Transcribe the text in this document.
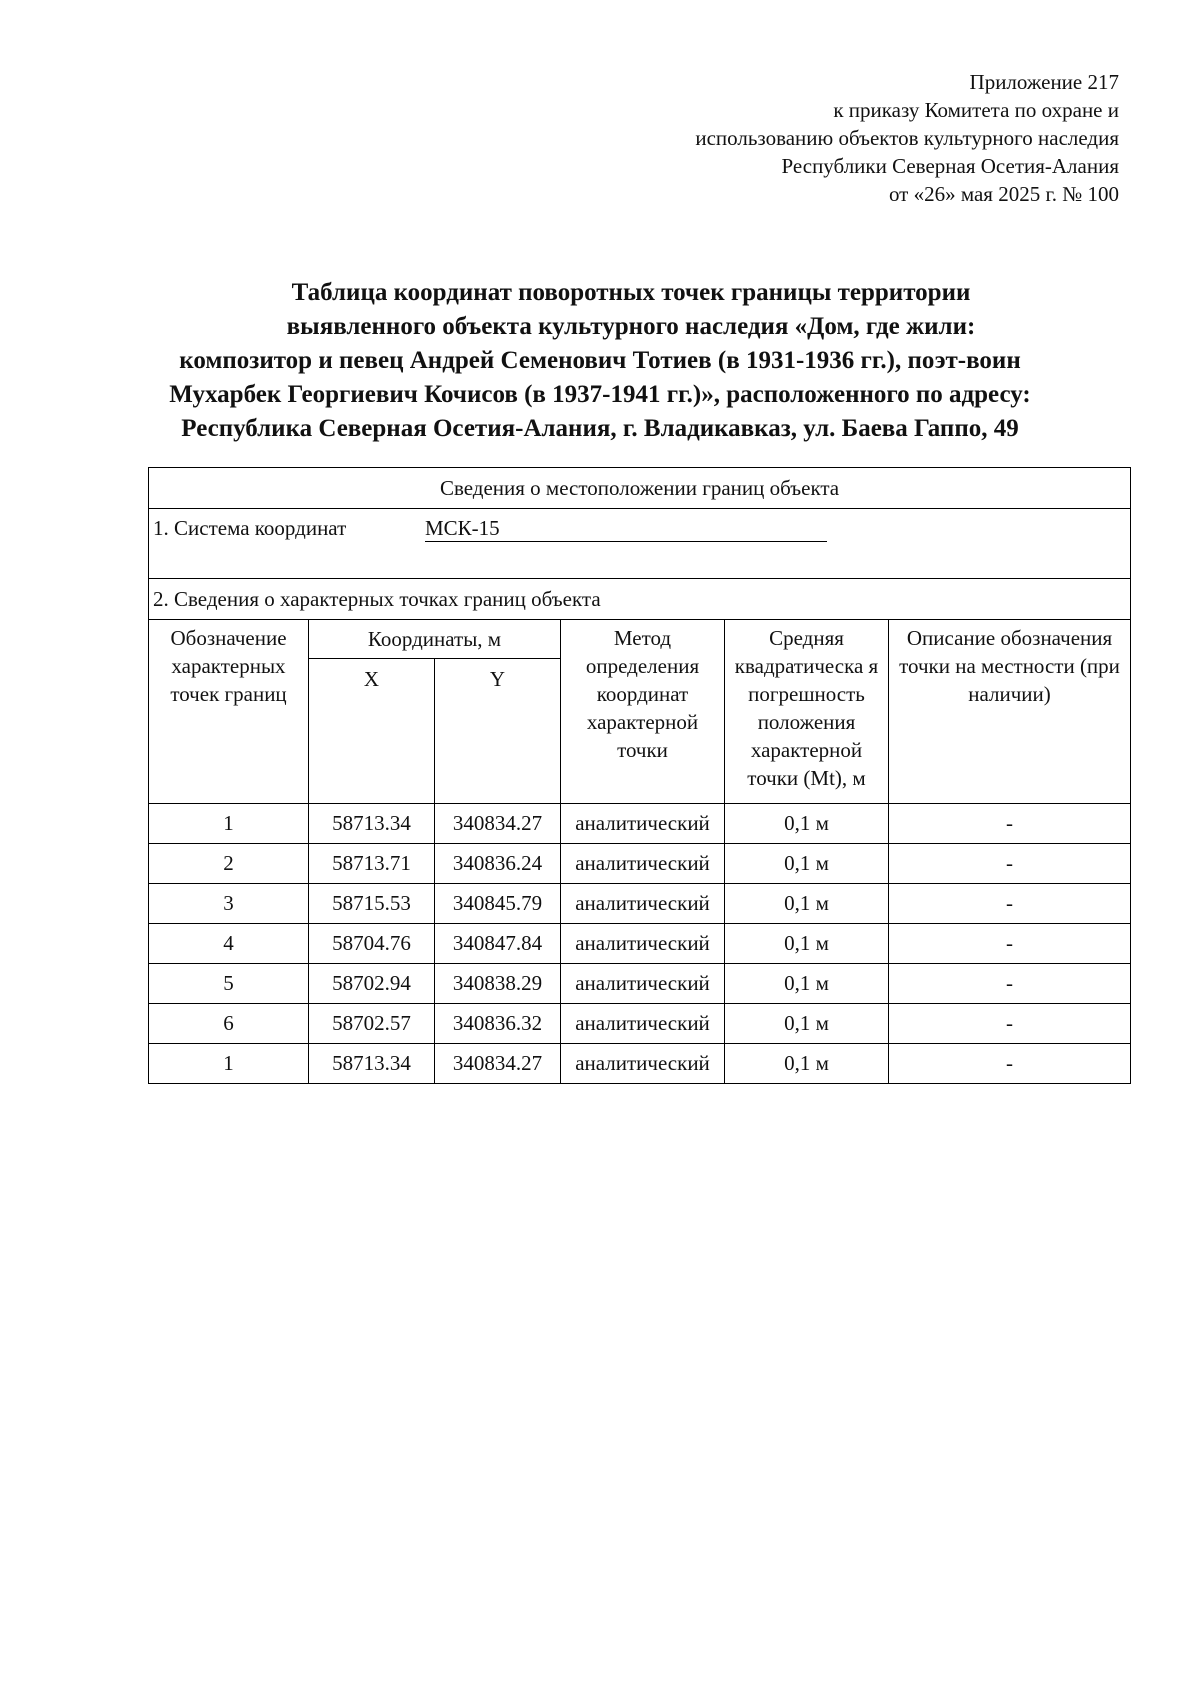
Приложение 217
к приказу Комитета по охране и
использованию объектов культурного наследия
Республики Северная Осетия-Алания
от «26» мая 2025 г. № 100
Таблица координат поворотных точек границы территории
выявленного объекта культурного наследия «Дом, где жили:
композитор и певец Андрей Семенович Тотиев (в 1931-1936 гг.), поэт-воин
Мухарбек Георгиевич Кочисов (в 1937-1941 гг.)», расположенного по адресу:
Республика Северная Осетия-Алания, г. Владикавказ, ул. Баева Гаппо, 49
Сведения о местоположении границ объекта					
1. Система координат МСК-15					
2. Сведения о характерных точках границ объекта					
Обозначение характерных точек границ	Координаты, м		Метод определения координат характерной точки	Средняя квадратическа я погрешность положения характерной точки (Mt), м	Описание обозначения точки на местности (при наличии)
	X	Y			
1	58713.34	340834.27	аналитический	0,1 м	-
2	58713.71	340836.24	аналитический	0,1 м	-
3	58715.53	340845.79	аналитический	0,1 м	-
4	58704.76	340847.84	аналитический	0,1 м	-
5	58702.94	340838.29	аналитический	0,1 м	-
6	58702.57	340836.32	аналитический	0,1 м	-
1	58713.34	340834.27	аналитический	0,1 м	-
